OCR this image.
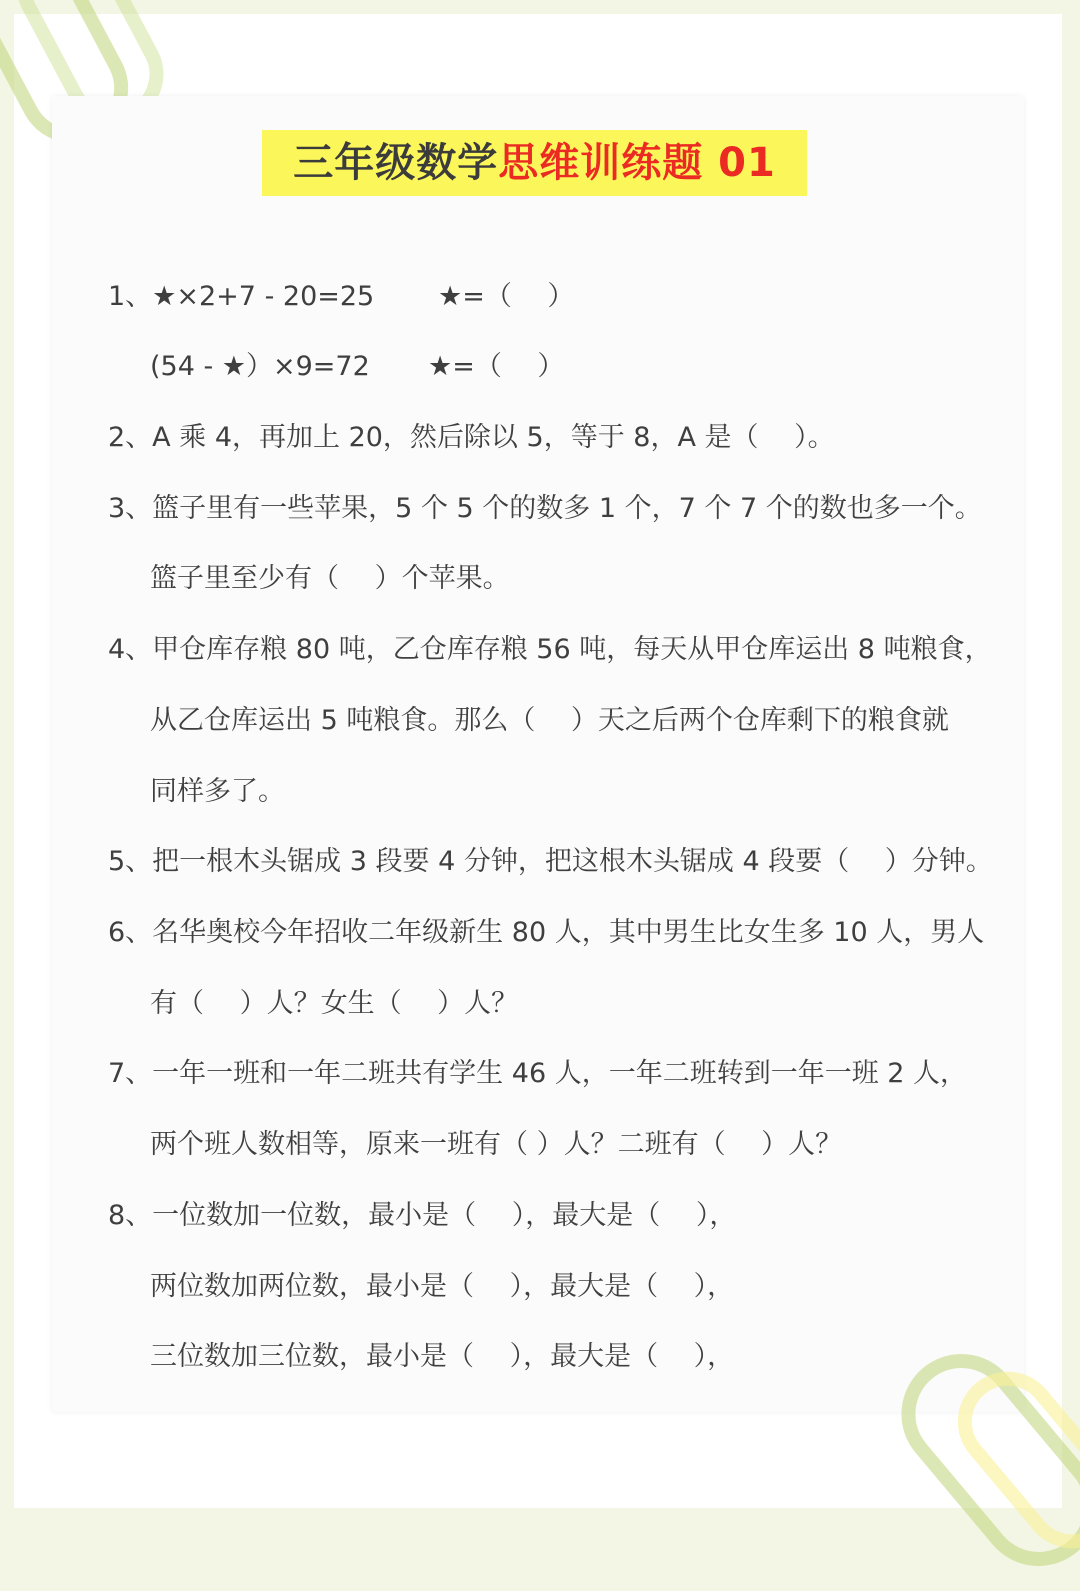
三年级数学思维训练题 01
1、★×2+7 - 20=25 ★=（　 ）
(54 - ★）×9=72 ★=（　 ）
2、A 乘 4，再加上 20，然后除以 5，等于 8，A 是（　 ）。
3、篮子里有一些苹果，5 个 5 个的数多 1 个，7 个 7 个的数也多一个。
篮子里至少有（　 ）个苹果。
4、甲仓库存粮 80 吨，乙仓库存粮 56 吨，每天从甲仓库运出 8 吨粮食，
从乙仓库运出 5 吨粮食。那么（　 ）天之后两个仓库剩下的粮食就
同样多了。
5、把一根木头锯成 3 段要 4 分钟，把这根木头锯成 4 段要（　 ）分钟。
6、名华奥校今年招收二年级新生 80 人，其中男生比女生多 10 人，男人
有（　 ）人？女生（　 ）人？
7、一年一班和一年二班共有学生 46 人，一年二班转到一年一班 2 人，
两个班人数相等，原来一班有（ ）人？二班有（　 ）人？
8、一位数加一位数，最小是（　 ），最大是（　 ），
两位数加两位数，最小是（　 ），最大是（　 ），
三位数加三位数，最小是（　 ），最大是（　 ），
